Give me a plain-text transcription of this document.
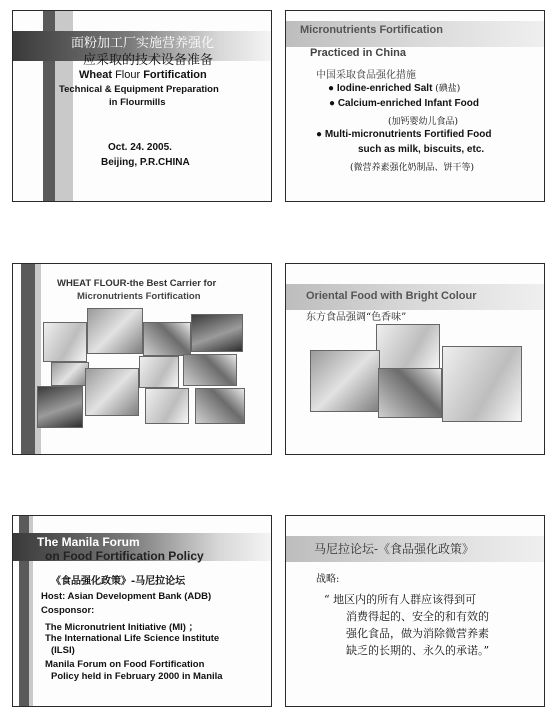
面粉加工厂实施营养强化
应采取的技术设备准备
Wheat Flour Fortification
Technical & Equipment Preparation
in Flourmills
Oct. 24. 2005.
Beijing, P.R.CHINA
Micronutrients Fortification
Practiced in China
中国采取食品强化措施
● Iodine-enriched Salt (碘盐)
● Calcium-enriched Infant Food
(加钙婴幼儿食品)
● Multi-micronutrients Fortified Food
such as milk, biscuits, etc.
(微营养素强化奶制品、饼干等)
WHEAT FLOUR-the Best Carrier for
Micronutrients Fortification	Oriental Food with Bright Colour
东方食品强调“色香味”
The Manila Forum
on Food Fortification Policy
《食品强化政策》-马尼拉论坛
Host: Asian Development Bank (ADB)
Cosponsor:
The Micronutrient Initiative (MI) ；
The International Life Science Institute
(ILSI)
Manila Forum on Food Fortification
Policy held in February 2000 in Manila
马尼拉论坛-《食品强化政策》
战略:
“ 地区内的所有人群应该得到可
消费得起的、安全的和有效的
强化食品，做为消除微营养素
缺乏的长期的、永久的承诺。”
